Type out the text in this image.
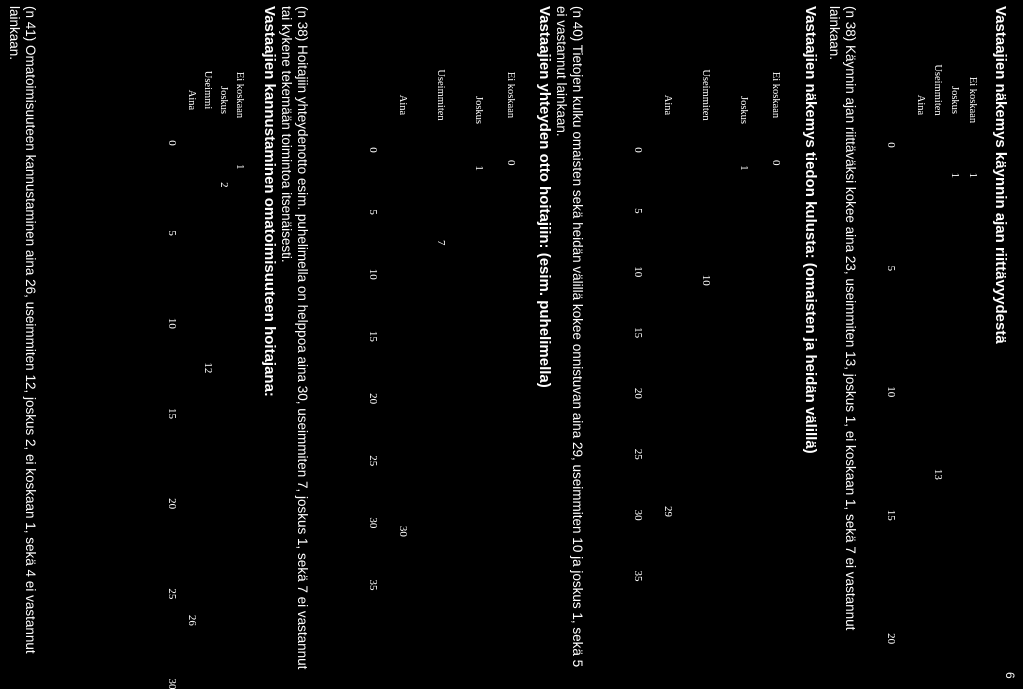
6
Vastaajien näkemys käynnin ajan riittävyydestä
Ei koskaan
1
Joskus
1
Useimmiten
13
Aina
0
5
10
15
20
(n 38) Käynnin ajan riittäväksi kokee aina 23, useimmiten 13, joskus 1, ei koskaan 1, sekä 7 ei vastannut lainkaan.
Vastaajien näkemys tiedon kulusta: (omaisten ja heidän välillä)
Ei koskaan
0
Joskus
1
Useimmiten
10
Aina
29
0
5
10
15
20
25
30
35
(n 40) Tietojen kulku omaisten sekä heidän välillä kokee onnistuvan aina 29, useimmiten 10 ja joskus 1, sekä 5 ei vastannut lainkaan.
Vastaajien yhteyden otto hoitajiin: (esim. puhelimella)
Ei koskaan
0
Joskus
1
Useimmiten
7
Aina
30
0
5
10
15
20
25
30
35
(n 38) Hoitajiin yhteydenotto esim. puhelimella on helppoa aina 30, useimmiten 7, joskus 1, sekä 7 ei vastannut tai kykene tekemään toimintoa itsenäisesti.
Vastaajien kannustaminen omatoimisuuteen hoitajana:
Ei koskaan
1
Joskus
2
Useimmi
12
Aina
26
0
5
10
15
20
25
30
(n 41) Omatoimisuuteen kannustaminen aina 26, useimmiten 12, joskus 2, ei koskaan 1, sekä 4 ei vastannut lainkaan.
